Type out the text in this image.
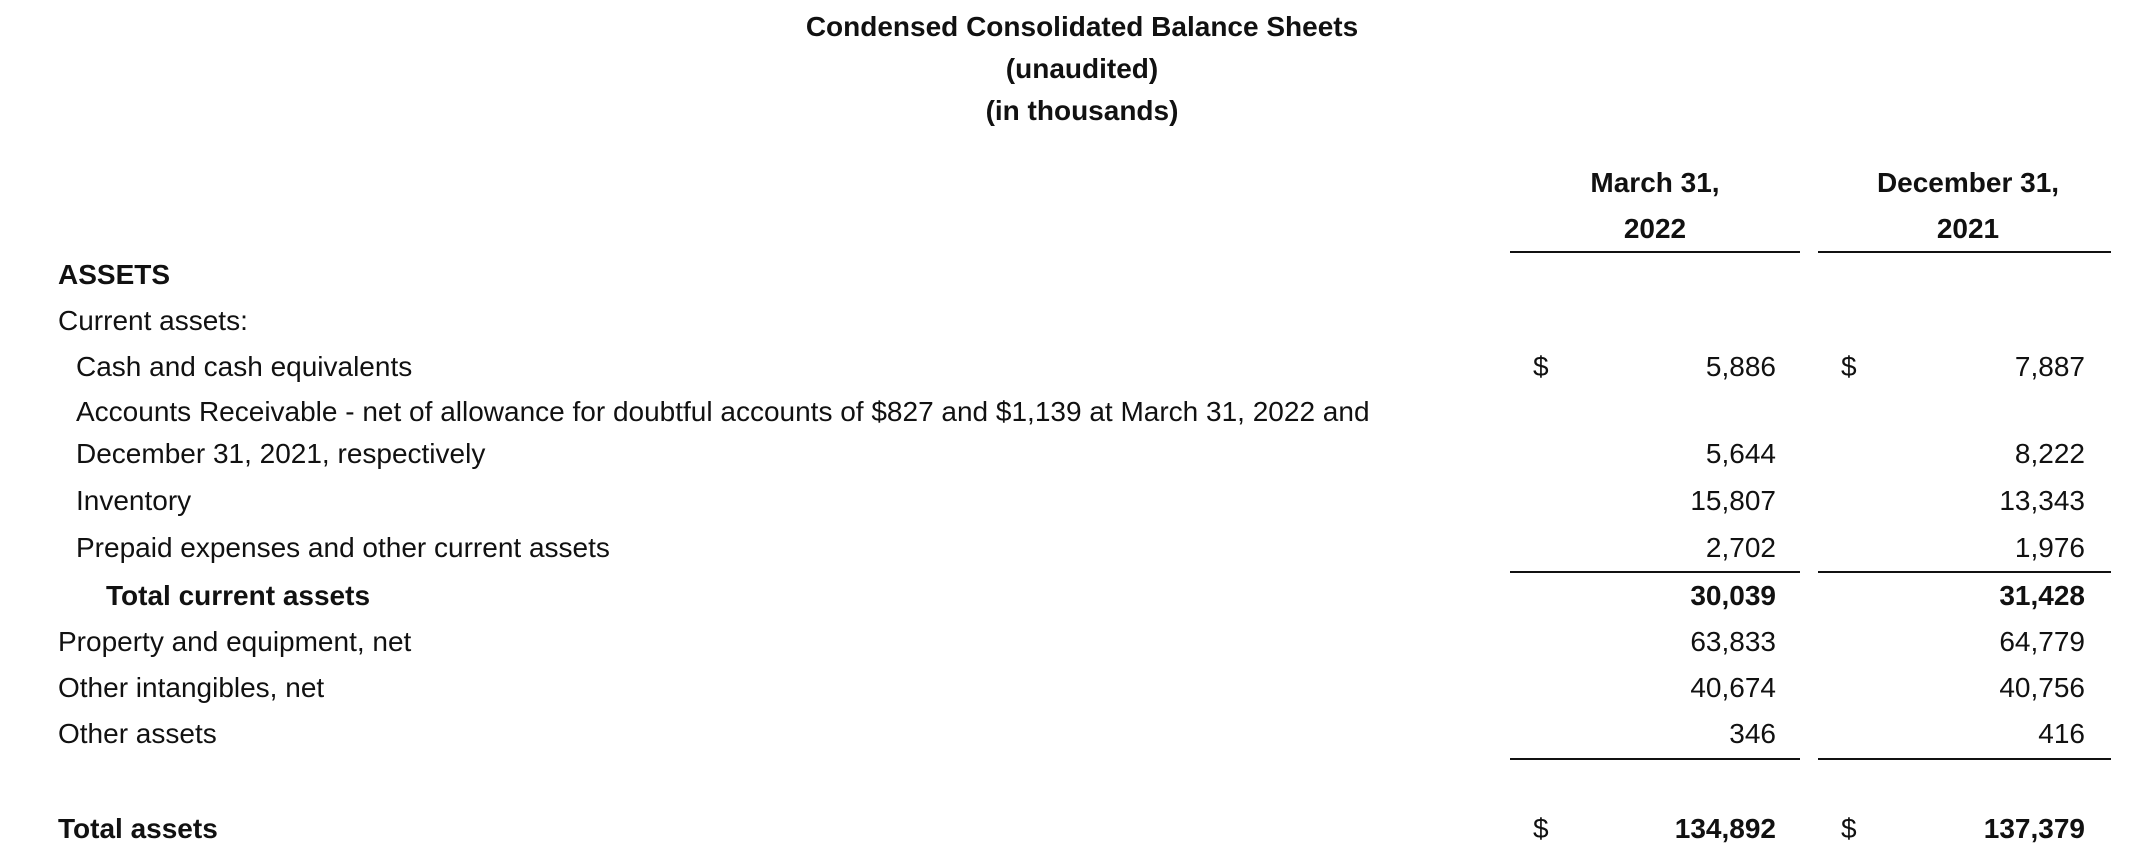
Condensed Consolidated Balance Sheets
(unaudited)
(in thousands)
March 31,
2022
December 31,
2021
ASSETS
Current assets:
Cash and cash equivalents	$	5,886 $	7,887
Accounts Receivable - net of allowance for doubtful accounts of $827 and $1,139 at March 31, 2022 and
December 31, 2021, respectively	5,644	8,222
Inventory	15,807	13,343
Prepaid expenses and other current assets	2,702	1,976
Total current assets	30,039	31,428
Property and equipment, net	63,833	64,779
Other intangibles, net	40,674	40,756
Other assets	346	416
Total assets	$	134,892 $	137,379
